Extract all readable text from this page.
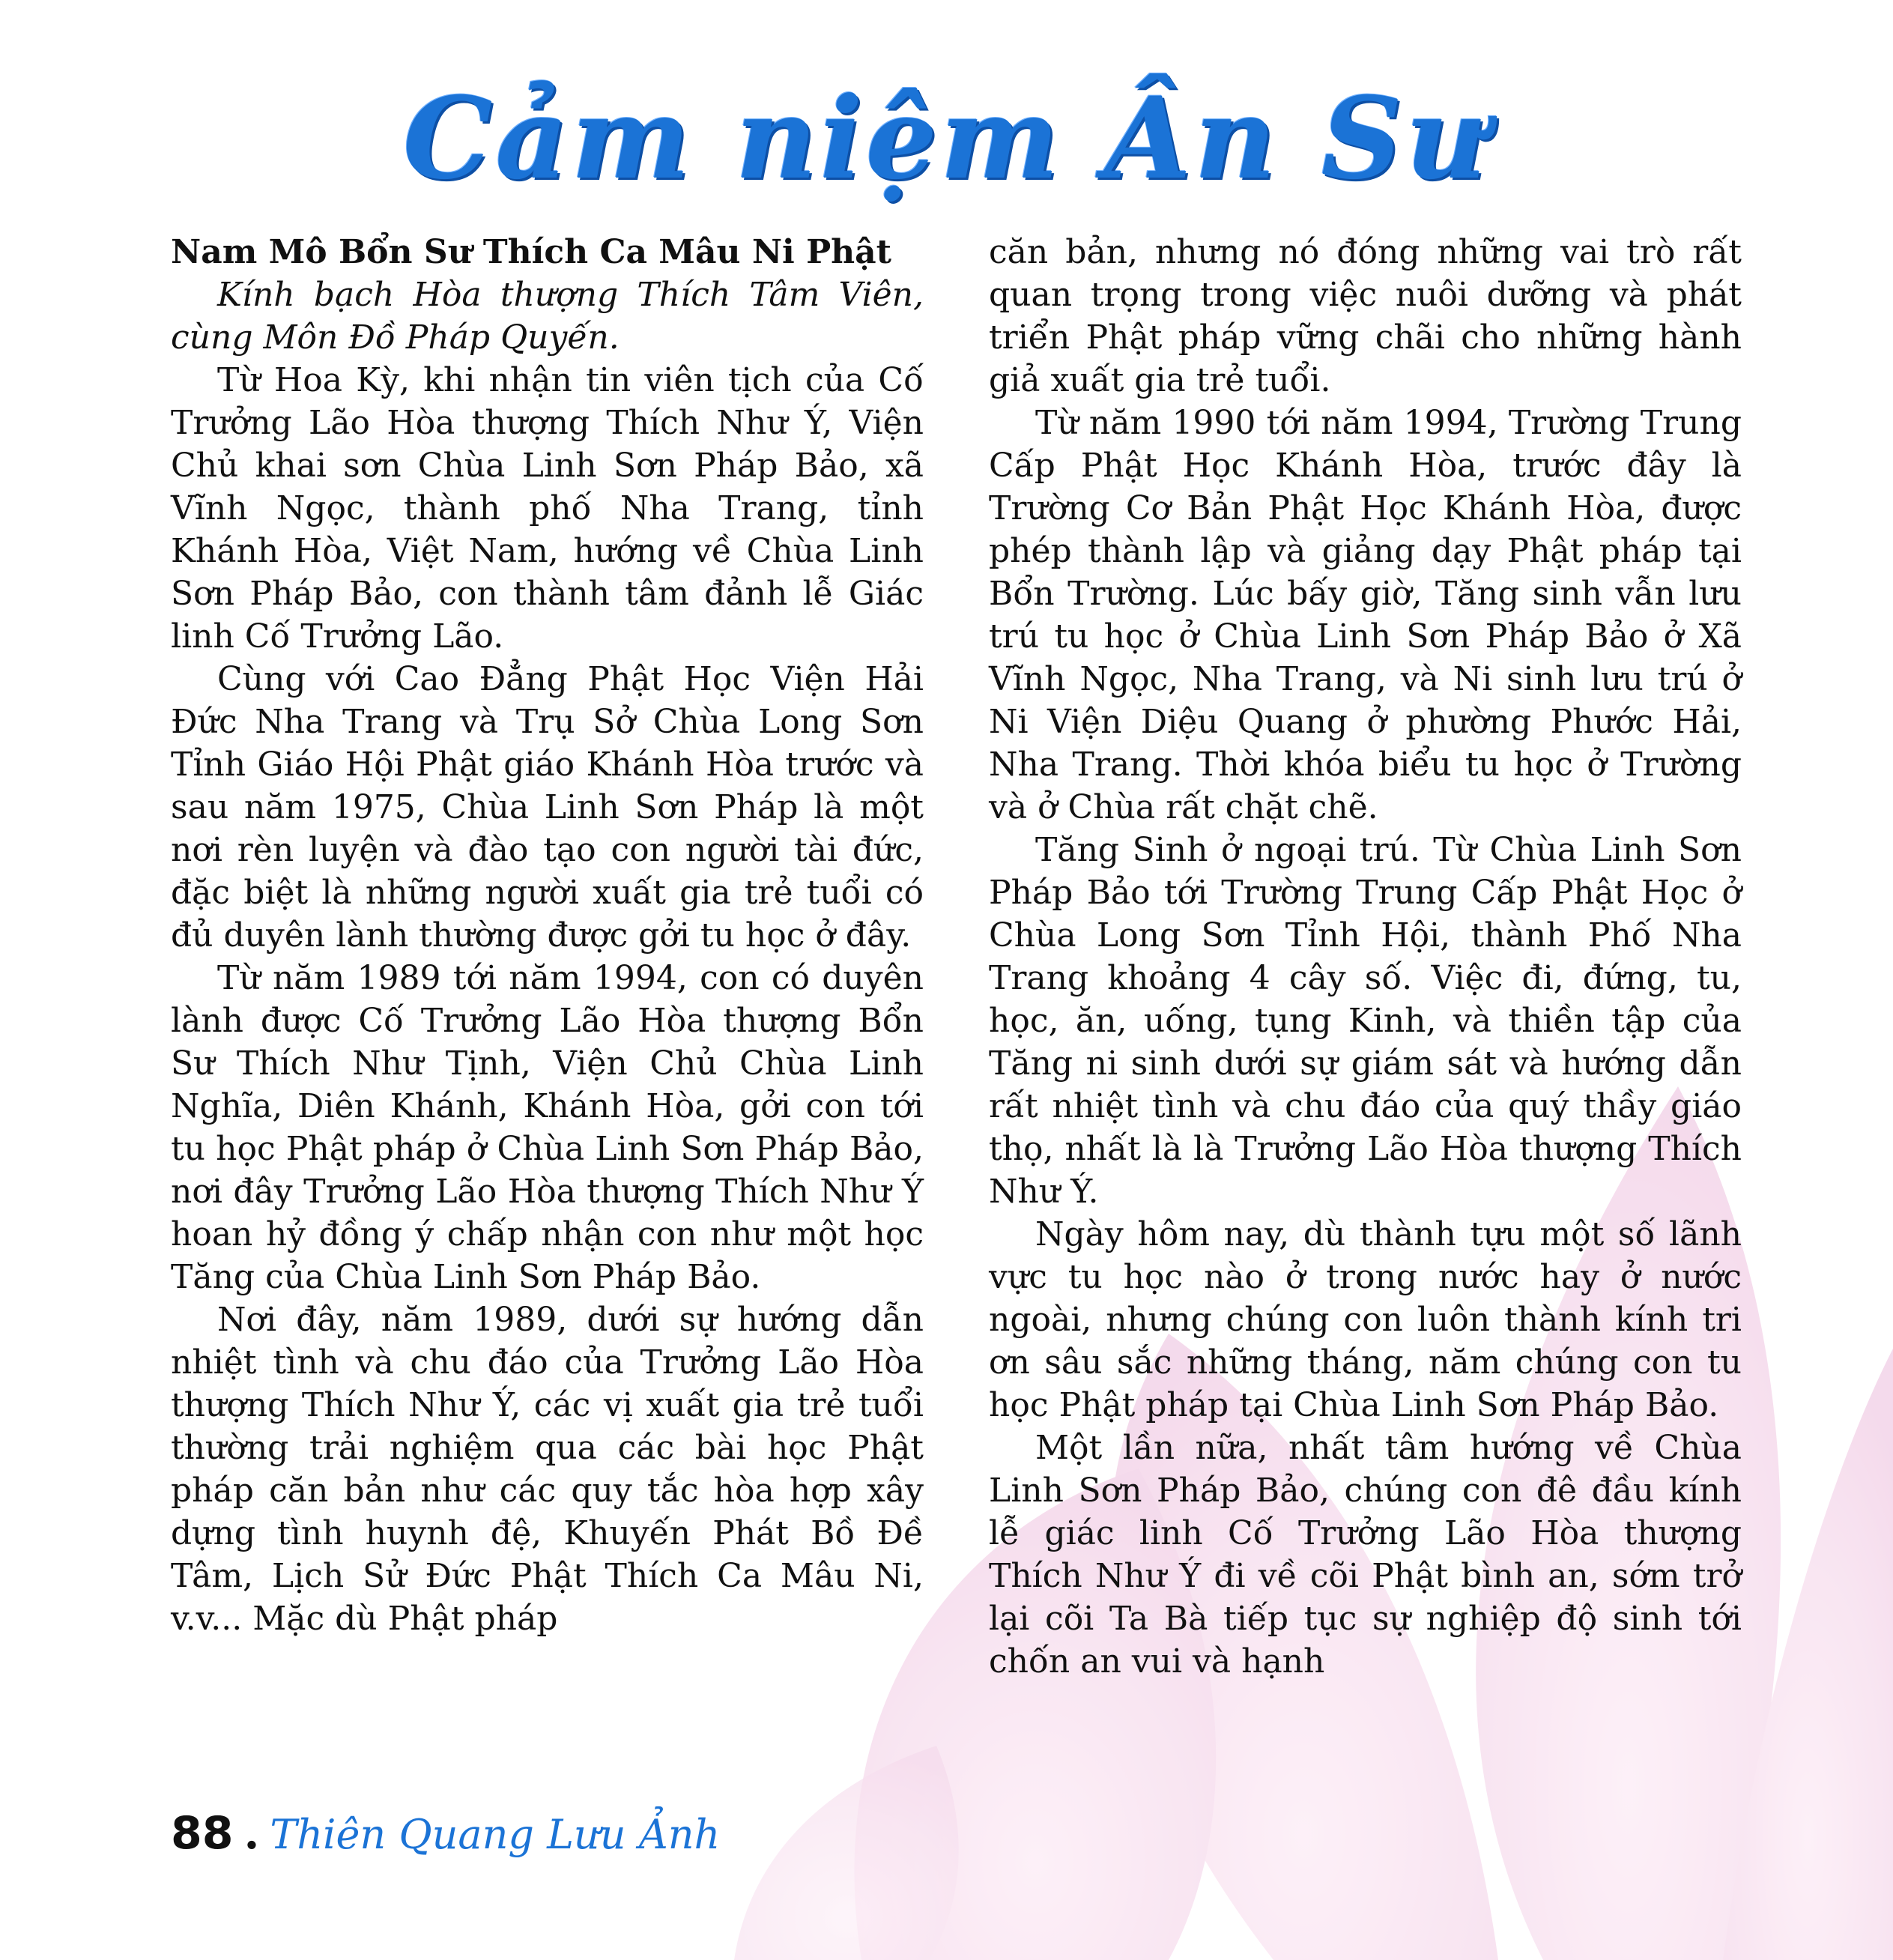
Cảm niệm Ân Sư

Nam Mô Bổn Sư Thích Ca Mâu Ni Phật

Kính bạch Hòa thượng Thích Tâm Viên, cùng Môn Đồ Pháp Quyến.

Từ Hoa Kỳ, khi nhận tin viên tịch của Cố Trưởng Lão Hòa thượng Thích Như Ý, Viện Chủ khai sơn Chùa Linh Sơn Pháp Bảo, xã Vĩnh Ngọc, thành phố Nha Trang, tỉnh Khánh Hòa, Việt Nam, hướng về Chùa Linh Sơn Pháp Bảo, con thành tâm đảnh lễ Giác linh Cố Trưởng Lão.

Cùng với Cao Đẳng Phật Học Viện Hải Đức Nha Trang và Trụ Sở Chùa Long Sơn Tỉnh Giáo Hội Phật giáo Khánh Hòa trước và sau năm 1975, Chùa Linh Sơn Pháp là một nơi rèn luyện và đào tạo con người tài đức, đặc biệt là những người xuất gia trẻ tuổi có đủ duyên lành thường được gởi tu học ở đây.

Từ năm 1989 tới năm 1994, con có duyên lành được Cố Trưởng Lão Hòa thượng Bổn Sư Thích Như Tịnh, Viện Chủ Chùa Linh Nghĩa, Diên Khánh, Khánh Hòa, gởi con tới tu học Phật pháp ở Chùa Linh Sơn Pháp Bảo, nơi đây Trưởng Lão Hòa thượng Thích Như Ý hoan hỷ đồng ý chấp nhận con như một học Tăng của Chùa Linh Sơn Pháp Bảo.

Nơi đây, năm 1989, dưới sự hướng dẫn nhiệt tình và chu đáo của Trưởng Lão Hòa thượng Thích Như Ý, các vị xuất gia trẻ tuổi thường trải nghiệm qua các bài học Phật pháp căn bản như các quy tắc hòa hợp xây dựng tình huynh đệ, Khuyến Phát Bồ Đề Tâm, Lịch Sử Đức Phật Thích Ca Mâu Ni, v.v... Mặc dù Phật pháp

căn bản, nhưng nó đóng những vai trò rất quan trọng trong việc nuôi dưỡng và phát triển Phật pháp vững chãi cho những hành giả xuất gia trẻ tuổi.

Từ năm 1990 tới năm 1994, Trường Trung Cấp Phật Học Khánh Hòa, trước đây là Trường Cơ Bản Phật Học Khánh Hòa, được phép thành lập và giảng dạy Phật pháp tại Bổn Trường. Lúc bấy giờ, Tăng sinh vẫn lưu trú tu học ở Chùa Linh Sơn Pháp Bảo ở Xã Vĩnh Ngọc, Nha Trang, và Ni sinh lưu trú ở Ni Viện Diệu Quang ở phường Phước Hải, Nha Trang. Thời khóa biểu tu học ở Trường và ở Chùa rất chặt chẽ.

Tăng Sinh ở ngoại trú. Từ Chùa Linh Sơn Pháp Bảo tới Trường Trung Cấp Phật Học ở Chùa Long Sơn Tỉnh Hội, thành Phố Nha Trang khoảng 4 cây số. Việc đi, đứng, tu, học, ăn, uống, tụng Kinh, và thiền tập của Tăng ni sinh dưới sự giám sát và hướng dẫn rất nhiệt tình và chu đáo của quý thầy giáo thọ, nhất là là Trưởng Lão Hòa thượng Thích Như Ý.

Ngày hôm nay, dù thành tựu một số lãnh vực tu học nào ở trong nước hay ở nước ngoài, nhưng chúng con luôn thành kính tri ơn sâu sắc những tháng, năm chúng con tu học Phật pháp tại Chùa Linh Sơn Pháp Bảo.

Một lần nữa, nhất tâm hướng về Chùa Linh Sơn Pháp Bảo, chúng con đê đầu kính lễ giác linh Cố Trưởng Lão Hòa thượng Thích Như Ý đi về cõi Phật bình an, sớm trở lại cõi Ta Bà tiếp tục sự nghiệp độ sinh tới chốn an vui và hạnh

88 . Thiên Quang Lưu Ảnh
